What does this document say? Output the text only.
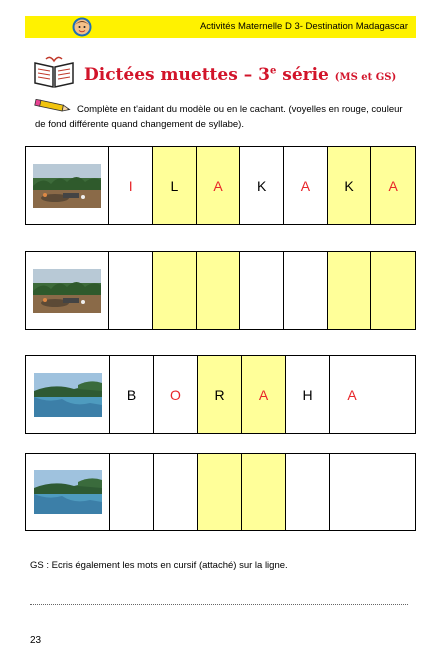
Activités Maternelle D 3- Destination Madagascar
Dictées muettes – 3e série (MS et GS)
Complète en t'aidant du modèle ou en le cachant. (voyelles en rouge, couleur de fond différente quand changement de syllabe).
I	L	A	K	A	K	A
B	O	R	A	H	A
GS : Ecris également les mots en cursif (attaché) sur la ligne.
23
